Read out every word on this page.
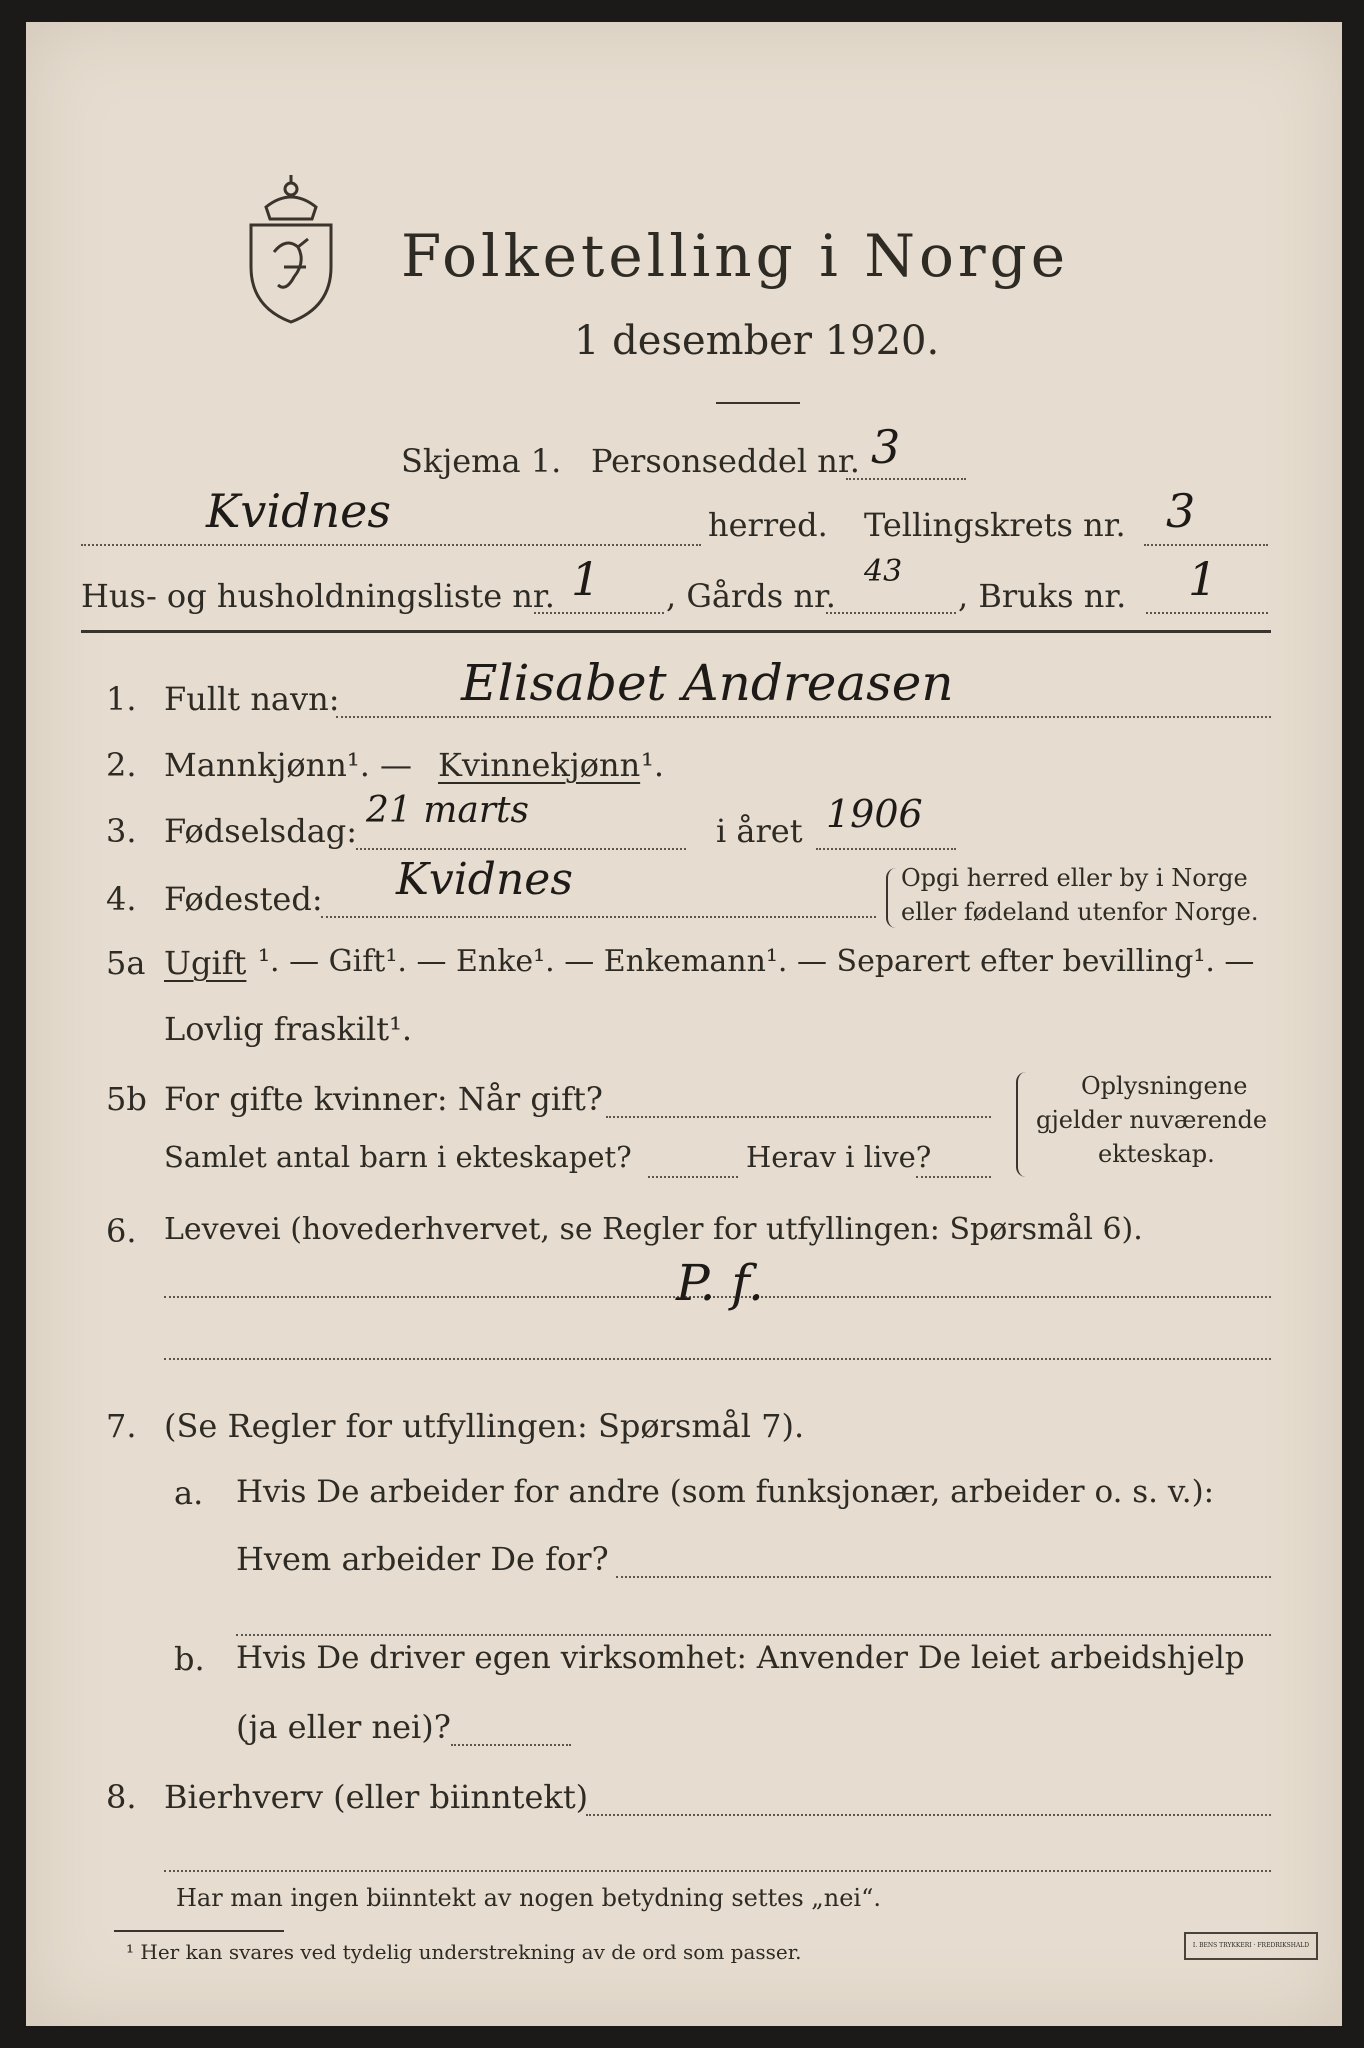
Folketelling i Norge
1 desember 1920.
Skjema 1. Personseddel nr. 3
Kvidnes	herred. Tellingskrets nr. 3
Hus- og husholdningsliste nr. 1 , Gårds nr.
43
, Bruks nr. 1
1. Fullt navn: Elisabet Andreasen
2. Mannkjønn¹. — Kvinnekjønn ¹.
3. Fødselsdag: 21 marts	i året 1906
4. Fødested: Kvidnes	Opgi herred eller by i Norge
eller fødeland utenfor Norge.
5a Ugift ¹. — Gift¹. — Enke¹. — Enkemann¹. — Separert efter bevilling¹. —
Lovlig fraskilt¹.
5b For gifte kvinner: Når gift?
Samlet antal barn i ekteskapet?	Herav i live?
Oplysningene
gjelder nuværende
ekteskap.
6. Levevei (hovederhvervet, se Regler for utfyllingen: Spørsmål 6).
P. f.
7. (Se Regler for utfyllingen: Spørsmål 7).
a. Hvis De arbeider for andre (som funksjonær, arbeider o. s. v.):
Hvem arbeider De for?
b. Hvis De driver egen virksomhet: Anvender De leiet arbeidshjelp
(ja eller nei)?
8. Bierhverv (eller biinntekt)
Har man ingen biinntekt av nogen betydning settes „nei“.
¹ Her kan svares ved tydelig understrekning av de ord som passer.	I. BENS TRYKKERI · FREDRIKSHALD
